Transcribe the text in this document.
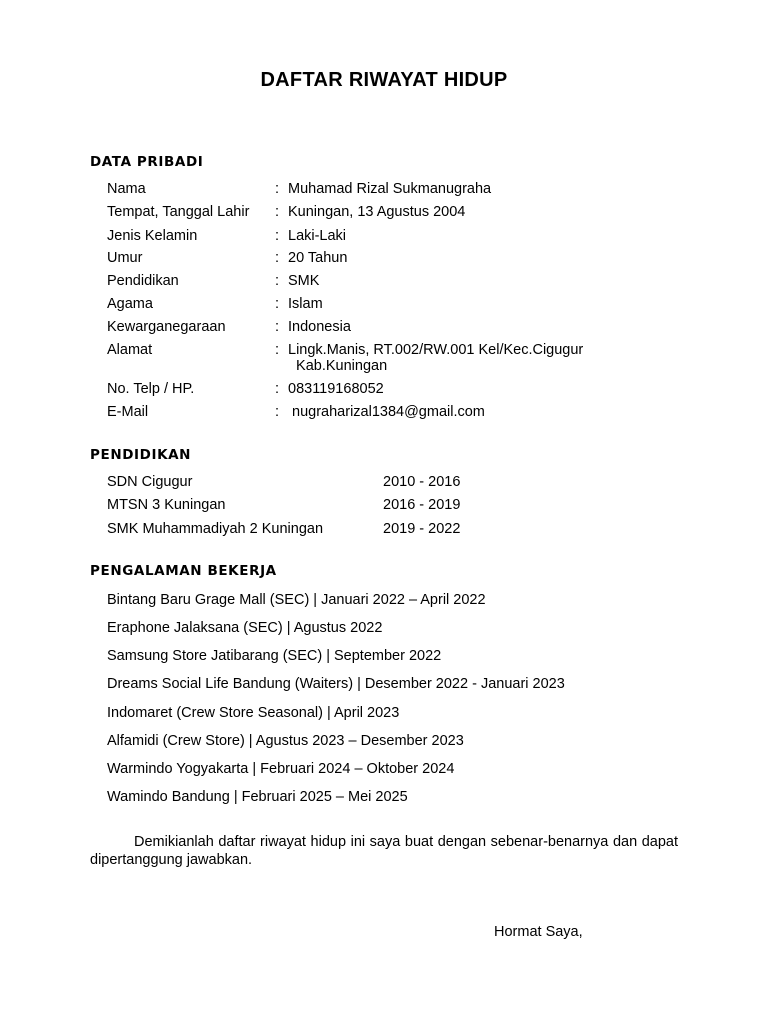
DAFTAR RIWAYAT HIDUP
DATA PRIBADI
Nama	: Muhamad Rizal Sukmanugraha
Tempat, Tanggal Lahir : Kuningan, 13 Agustus 2004
Jenis Kelamin	: Laki-Laki
Umur	: 20 Tahun
Pendidikan	: SMK
Agama	: Islam
Kewarganegaraan	: Indonesia
Alamat	: Lingk.Manis, RT.002/RW.001 Kel/Kec.Cigugur
Kab.Kuningan
No. Telp / HP.	: 083119168052
E-Mail	: nugraharizal1384@gmail.com
PENDIDIKAN
SDN Cigugur	2010 - 2016
MTSN 3 Kuningan	2016 - 2019
SMK Muhammadiyah 2 Kuningan	2019 - 2022
PENGALAMAN BEKERJA
Bintang Baru Grage Mall (SEC) | Januari 2022 – April 2022
Eraphone Jalaksana (SEC) | Agustus 2022
Samsung Store Jatibarang (SEC) | September 2022
Dreams Social Life Bandung (Waiters) | Desember 2022 - Januari 2023
Indomaret (Crew Store Seasonal) | April 2023
Alfamidi (Crew Store) | Agustus 2023 – Desember 2023
Warmindo Yogyakarta | Februari 2024 – Oktober 2024
Wamindo Bandung | Februari 2025 – Mei 2025
Demikianlah daftar riwayat hidup ini saya buat dengan sebenar-benarnya dan dapat dipertanggung jawabkan.
Hormat Saya,
